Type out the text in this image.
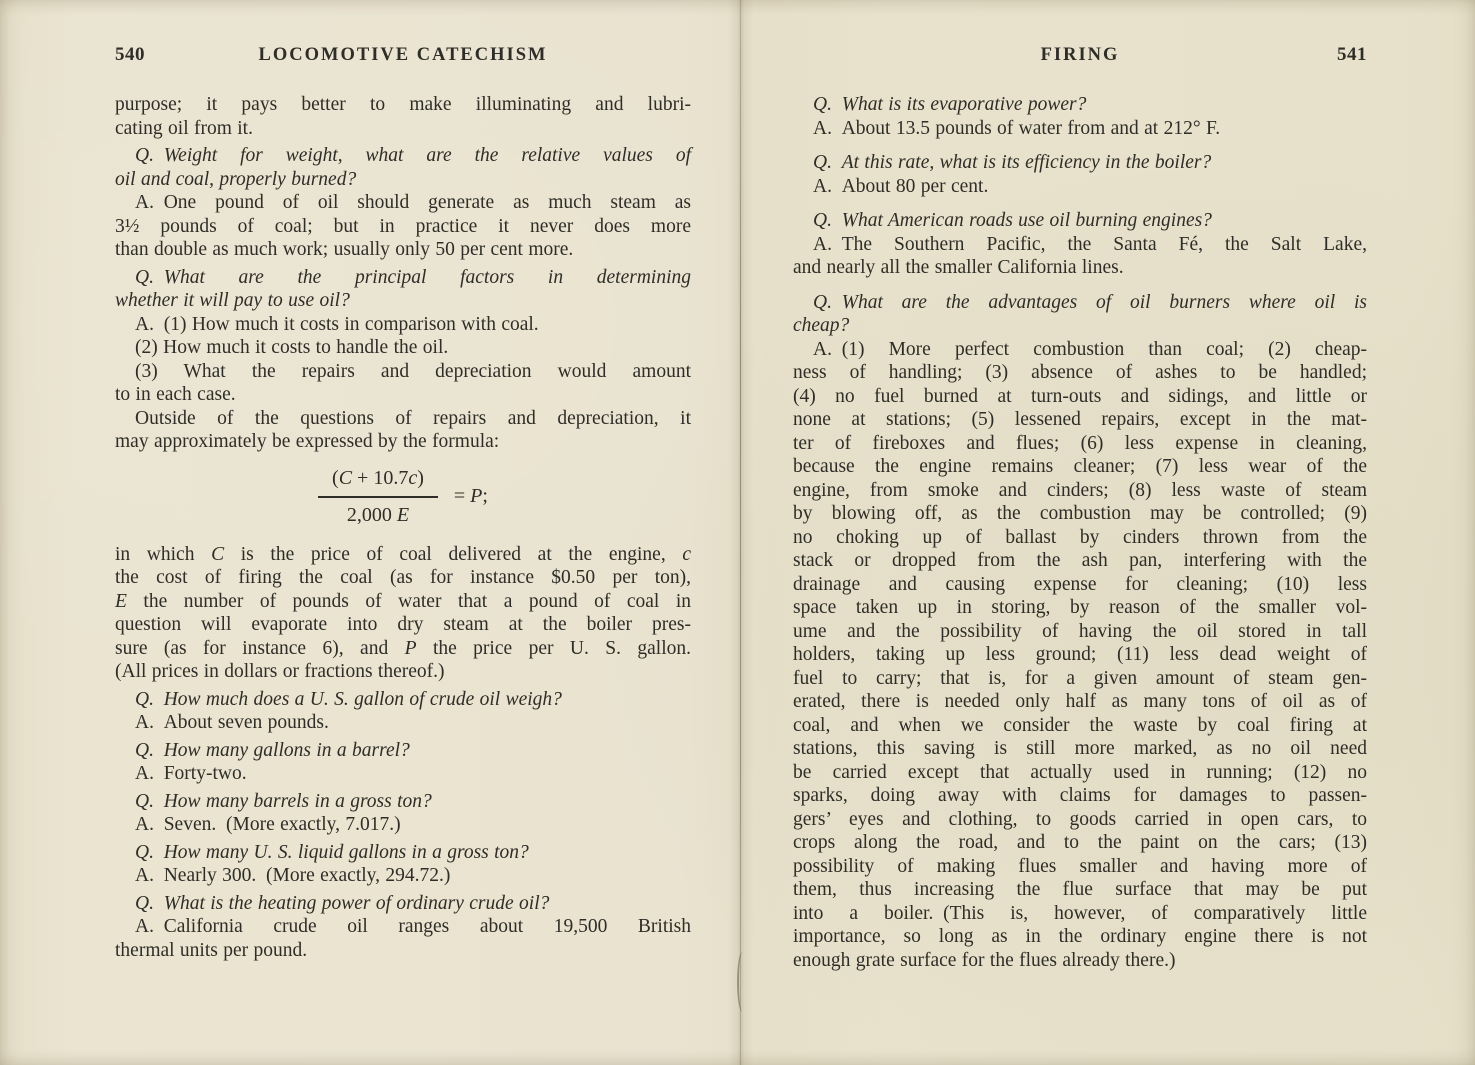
540	LOCOMOTIVE CATECHISM
purpose; it pays better to make illuminating and lubri-
cating oil from it.
Q. Weight for weight, what are the relative values of
oil and coal, properly burned?
A. One pound of oil should generate as much steam as
3½ pounds of coal; but in practice it never does more
than double as much work; usually only 50 per cent more.
Q. What are the principal factors in determining
whether it will pay to use oil?
A. (1) How much it costs in comparison with coal.
(2) How much it costs to handle the oil.
(3) What the repairs and depreciation would amount
to in each case.
Outside of the questions of repairs and depreciation, it
may approximately be expressed by the formula:
$\frac{(C + 10.7c)}{2,000 E} = P$;
in which C is the price of coal delivered at the engine, c
the cost of firing the coal (as for instance $0.50 per ton),
E the number of pounds of water that a pound of coal in
question will evaporate into dry steam at the boiler pres-
sure (as for instance 6), and P the price per U. S. gallon.
(All prices in dollars or fractions thereof.)
Q. How much does a U. S. gallon of crude oil weigh?
A. About seven pounds.
Q. How many gallons in a barrel?
A. Forty-two.
Q. How many barrels in a gross ton?
A. Seven. (More exactly, 7.017.)
Q. How many U. S. liquid gallons in a gross ton?
A. Nearly 300. (More exactly, 294.72.)
Q. What is the heating power of ordinary crude oil?
A. California crude oil ranges about 19,500 British
thermal units per pound.
FIRING	541
Q. What is its evaporative power?
A. About 13.5 pounds of water from and at 212° F.
Q. At this rate, what is its efficiency in the boiler?
A. About 80 per cent.
Q. What American roads use oil burning engines?
A. The Southern Pacific, the Santa Fé, the Salt Lake,
and nearly all the smaller California lines.
Q. What are the advantages of oil burners where oil is
cheap?
A. (1) More perfect combustion than coal; (2) cheap-
ness of handling; (3) absence of ashes to be handled;
(4) no fuel burned at turn-outs and sidings, and little or
none at stations; (5) lessened repairs, except in the mat-
ter of fireboxes and flues; (6) less expense in cleaning,
because the engine remains cleaner; (7) less wear of the
engine, from smoke and cinders; (8) less waste of steam
by blowing off, as the combustion may be controlled; (9)
no choking up of ballast by cinders thrown from the
stack or dropped from the ash pan, interfering with the
drainage and causing expense for cleaning; (10) less
space taken up in storing, by reason of the smaller vol-
ume and the possibility of having the oil stored in tall
holders, taking up less ground; (11) less dead weight of
fuel to carry; that is, for a given amount of steam gen-
erated, there is needed only half as many tons of oil as of
coal, and when we consider the waste by coal firing at
stations, this saving is still more marked, as no oil need
be carried except that actually used in running; (12) no
sparks, doing away with claims for damages to passen-
gers’ eyes and clothing, to goods carried in open cars, to
crops along the road, and to the paint on the cars; (13)
possibility of making flues smaller and having more of
them, thus increasing the flue surface that may be put
into a boiler. (This is, however, of comparatively little
importance, so long as in the ordinary engine there is not
enough grate surface for the flues already there.)
